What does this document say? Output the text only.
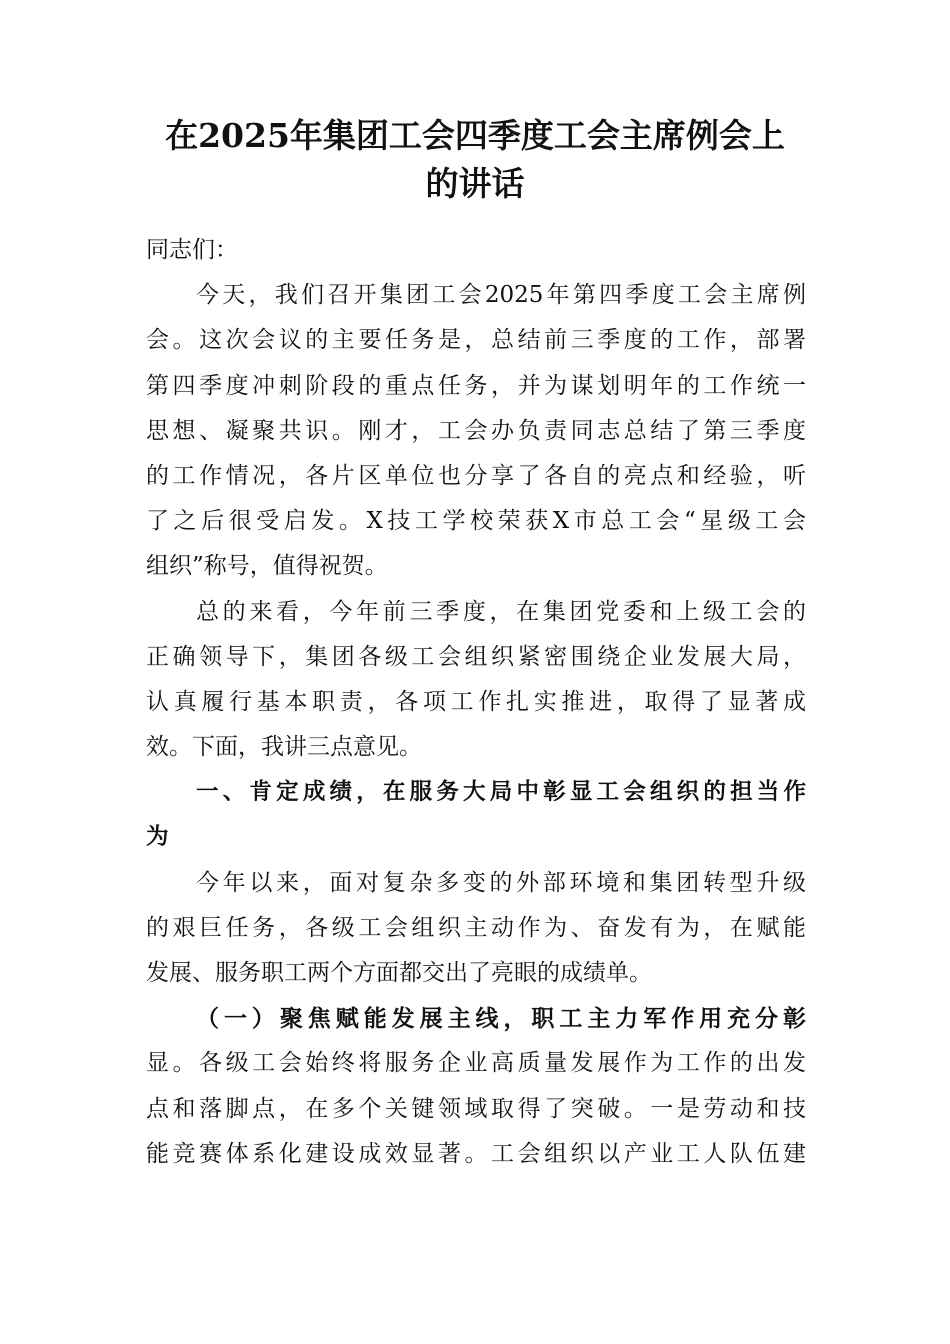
在2025年集团工会四季度工会主席例会上
的讲话
同志们：
今天，我们召开集团工会2025年第四季度工会主席例
会。这次会议的主要任务是，总结前三季度的工作，部署
第四季度冲刺阶段的重点任务，并为谋划明年的工作统一
思想、凝聚共识。刚才，工会办负责同志总结了第三季度
的工作情况，各片区单位也分享了各自的亮点和经验，听
了之后很受启发。X技工学校荣获X市总工会“星级工会
组织”称号，值得祝贺。
总的来看，今年前三季度，在集团党委和上级工会的
正确领导下，集团各级工会组织紧密围绕企业发展大局，
认真履行基本职责，各项工作扎实推进，取得了显著成
效。下面，我讲三点意见。
一、肯定成绩，在服务大局中彰显工会组织的担当作
为
今年以来，面对复杂多变的外部环境和集团转型升级
的艰巨任务，各级工会组织主动作为、奋发有为，在赋能
发展、服务职工两个方面都交出了亮眼的成绩单。
（一）聚焦赋能发展主线，职工主力军作用充分彰
显。各级工会始终将服务企业高质量发展作为工作的出发
点和落脚点，在多个关键领域取得了突破。一是劳动和技
能竞赛体系化建设成效显著。工会组织以产业工人队伍建
